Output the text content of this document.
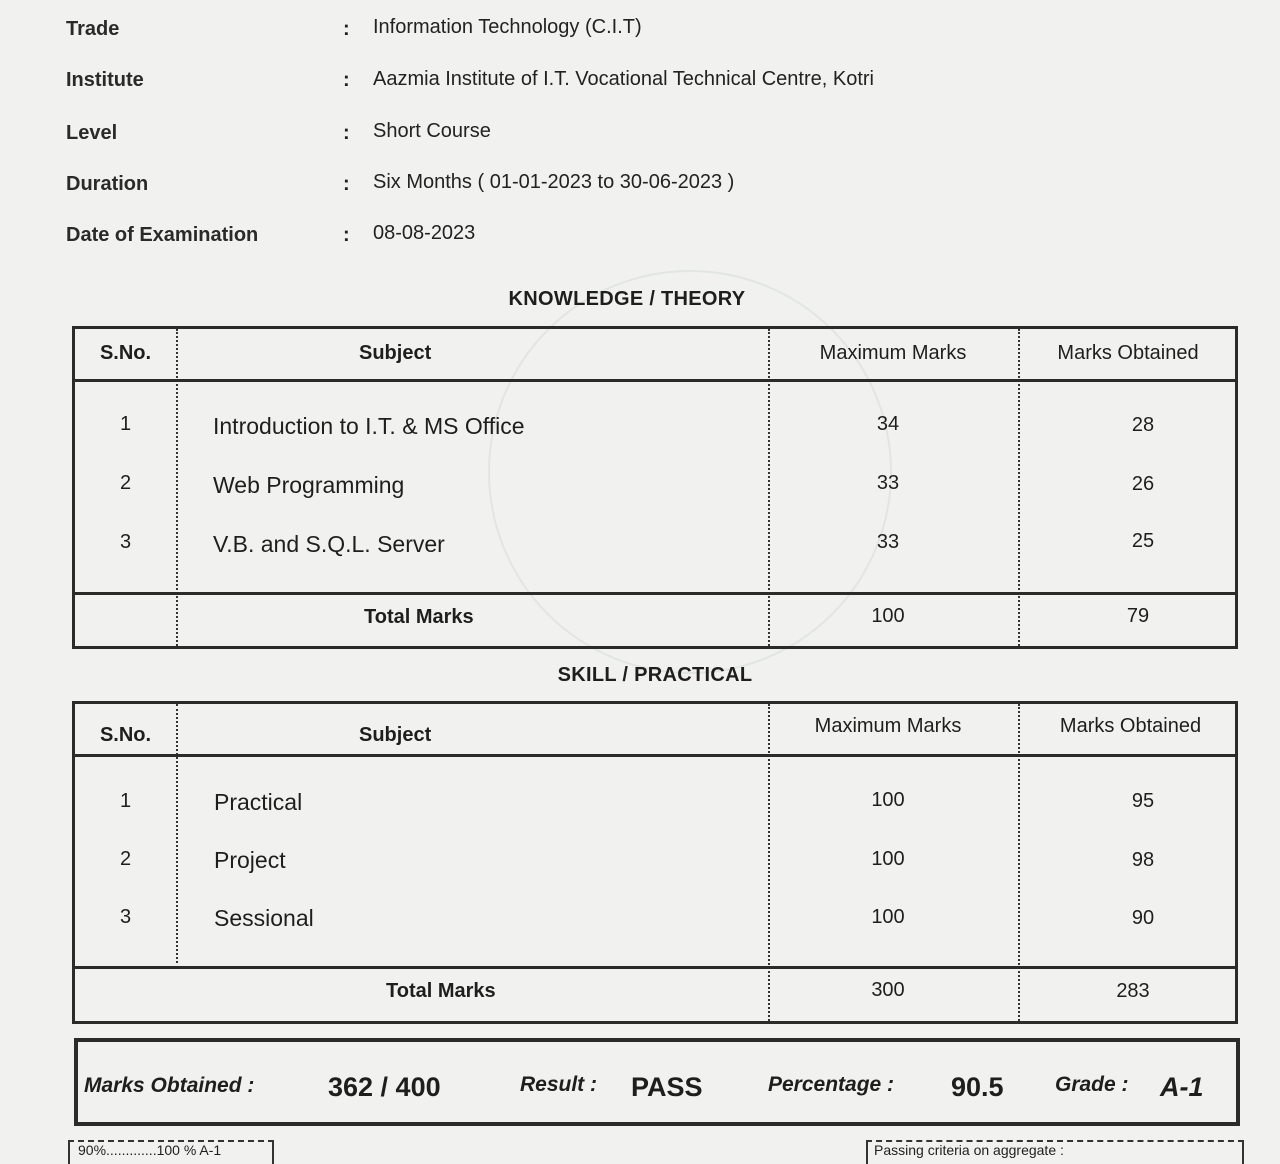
Trade	: Information Technology (C.I.T)
Institute	: Aazmia Institute of I.T. Vocational Technical Centre, Kotri
Level	: Short Course
Duration	: Six Months ( 01-01-2023 to 30-06-2023 )
Date of Examination	: 08-08-2023
KNOWLEDGE / THEORY
S.No.	Subject	Maximum Marks	Marks Obtained
1	Introduction to I.T. & MS Office	34	28
2	Web Programming	33	26
3	V.B. and S.Q.L. Server	33	25
Total Marks	100	79
SKILL / PRACTICAL
S.No.	Subject	Maximum Marks	Marks Obtained
1	Practical	100	95
2	Project	100	98
3	Sessional	100	90
Total Marks	300	283
Marks Obtained :	362 / 400	Result : PASS	Percentage : 90.5 Grade : A-1
90%.............100 % A-1	Passing criteria on aggregate :
